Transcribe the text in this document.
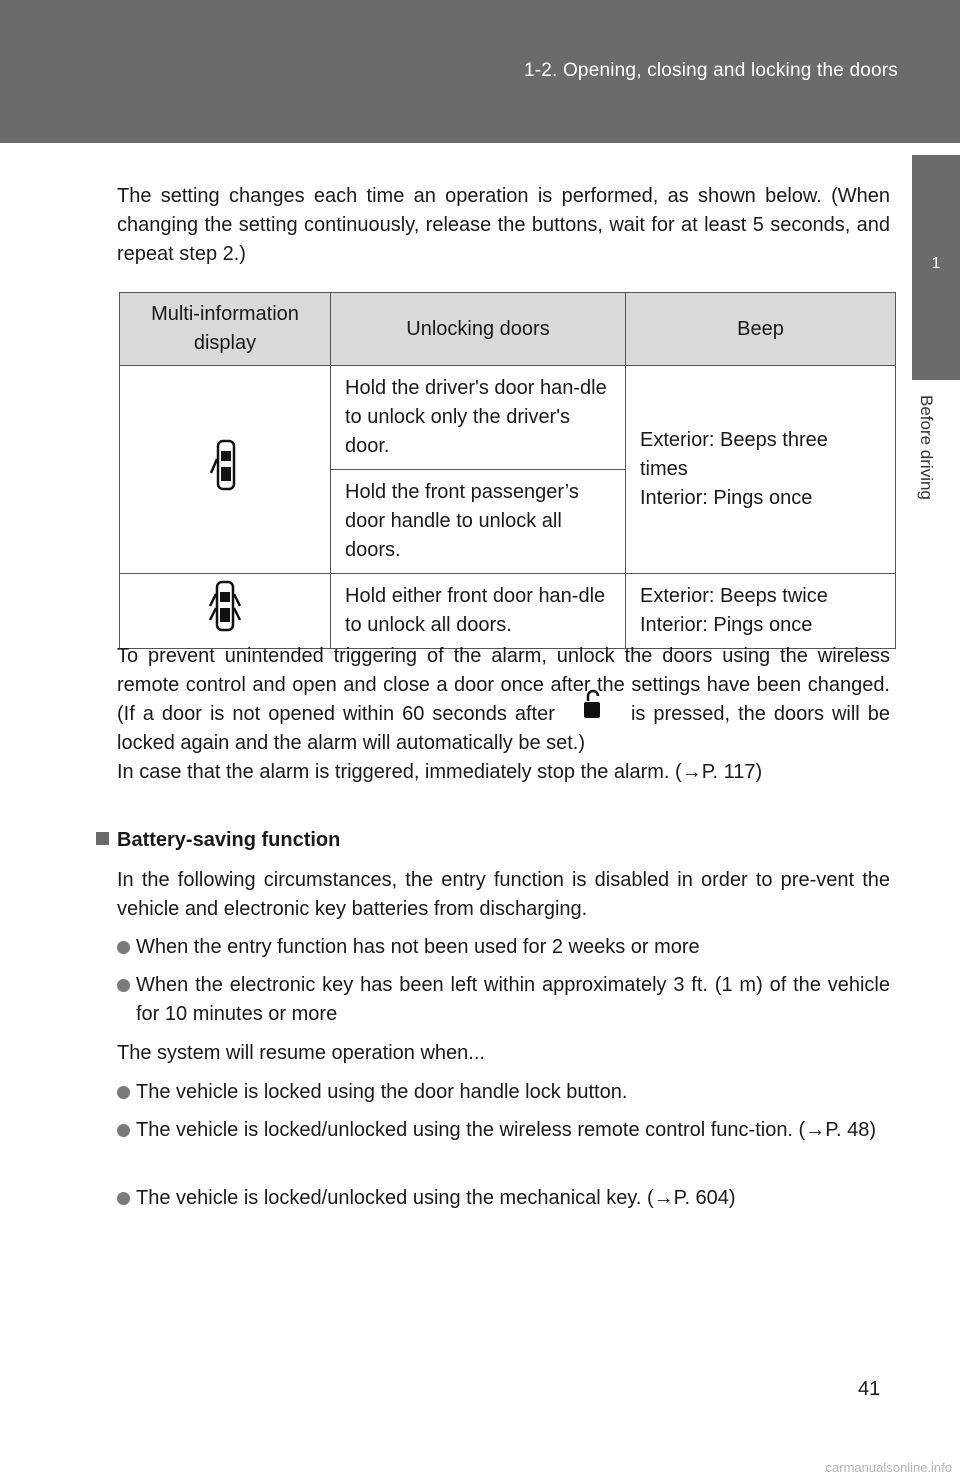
1-2. Opening, closing and locking the doors
1
Before driving
The setting changes each time an operation is performed, as shown below. (When changing the setting continuously, release the buttons, wait for at least 5 seconds, and repeat step 2.)
Multi-information display	Unlocking doors	Beep
	Hold the driver's door han-dle to unlock only the driver's door.	Exterior: Beeps three times
Interior: Pings once

	Hold the front passenger’s door handle to unlock all doors.	
	Hold either front door han-dle to unlock all doors.	Exterior: Beeps twice
Interior: Pings once
To prevent unintended triggering of the alarm, unlock the doors using the wireless remote control and open and close a door once after the settings have been changed. (If a door is not opened within 60 seconds after	is pressed, the doors will be locked again and the alarm will automatically be set.)
In case that the alarm is triggered, immediately stop the alarm. (→P. 117)
Battery-saving function
In the following circumstances, the entry function is disabled in order to pre-vent the vehicle and electronic key batteries from discharging.
When the entry function has not been used for 2 weeks or more
When the electronic key has been left within approximately 3 ft. (1 m) of the vehicle for 10 minutes or more
The system will resume operation when...
The vehicle is locked using the door handle lock button.
The vehicle is locked/unlocked using the wireless remote control func-tion. (→P. 48)
The vehicle is locked/unlocked using the mechanical key. (→P. 604)
41
carmanualsonline.info
